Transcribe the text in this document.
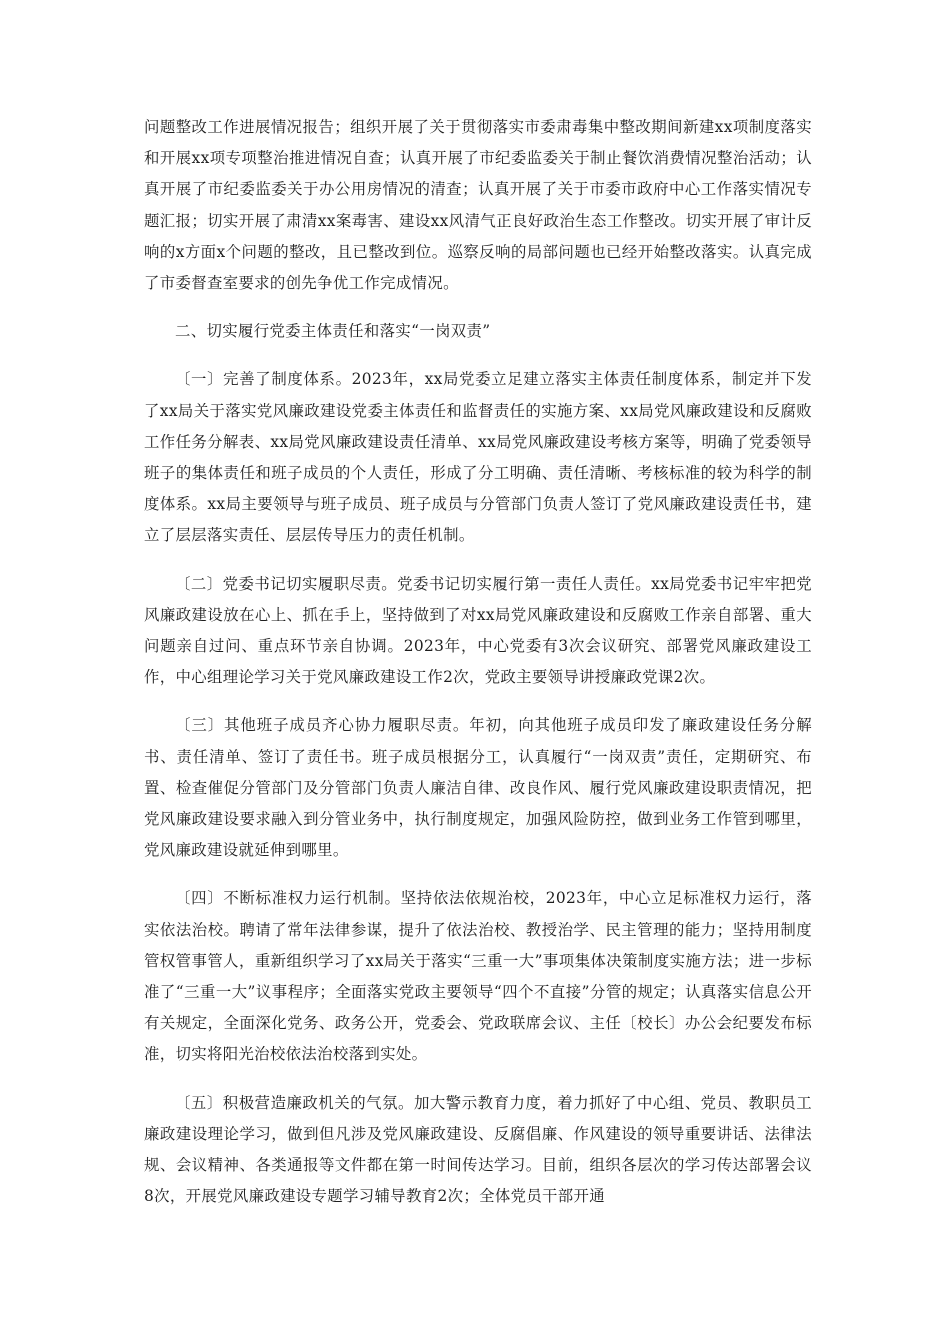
问题整改工作进展情况报告；组织开展了关于贯彻落实市委肃毒集中整改期间新建xx项制度落实和开展xx项专项整治推进情况自查；认真开展了市纪委监委关于制止餐饮消费情况整治活动；认真开展了市纪委监委关于办公用房情况的清查；认真开展了关于市委市政府中心工作落实情况专题汇报；切实开展了肃清xx案毒害、建设xx风清气正良好政治生态工作整改。切实开展了审计反响的x方面x个问题的整改，且已整改到位。巡察反响的局部问题也已经开始整改落实。认真完成了市委督查室要求的创先争优工作完成情况。

二、切实履行党委主体责任和落实“一岗双责”

〔一〕完善了制度体系。2023年，xx局党委立足建立落实主体责任制度体系，制定并下发了xx局关于落实党风廉政建设党委主体责任和监督责任的实施方案、xx局党风廉政建设和反腐败工作任务分解表、xx局党风廉政建设责任清单、xx局党风廉政建设考核方案等，明确了党委领导班子的集体责任和班子成员的个人责任，形成了分工明确、责任清晰、考核标准的较为科学的制度体系。xx局主要领导与班子成员、班子成员与分管部门负责人签订了党风廉政建设责任书，建立了层层落实责任、层层传导压力的责任机制。

〔二〕党委书记切实履职尽责。党委书记切实履行第一责任人责任。xx局党委书记牢牢把党风廉政建设放在心上、抓在手上，坚持做到了对xx局党风廉政建设和反腐败工作亲自部署、重大问题亲自过问、重点环节亲自协调。2023年，中心党委有3次会议研究、部署党风廉政建设工作，中心组理论学习关于党风廉政建设工作2次，党政主要领导讲授廉政党课2次。

〔三〕其他班子成员齐心协力履职尽责。年初，向其他班子成员印发了廉政建设任务分解书、责任清单、签订了责任书。班子成员根据分工，认真履行“一岗双责”责任，定期研究、布置、检查催促分管部门及分管部门负责人廉洁自律、改良作风、履行党风廉政建设职责情况，把党风廉政建设要求融入到分管业务中，执行制度规定，加强风险防控，做到业务工作管到哪里，党风廉政建设就延伸到哪里。

〔四〕不断标准权力运行机制。坚持依法依规治校，2023年，中心立足标准权力运行，落实依法治校。聘请了常年法律参谋，提升了依法治校、教授治学、民主管理的能力；坚持用制度管权管事管人，重新组织学习了xx局关于落实“三重一大”事项集体决策制度实施方法；进一步标准了“三重一大”议事程序；全面落实党政主要领导“四个不直接”分管的规定；认真落实信息公开有关规定，全面深化党务、政务公开，党委会、党政联席会议、主任〔校长〕办公会纪要发布标准，切实将阳光治校依法治校落到实处。

〔五〕积极营造廉政机关的气氛。加大警示教育力度，着力抓好了中心组、党员、教职员工廉政建设理论学习，做到但凡涉及党风廉政建设、反腐倡廉、作风建设的领导重要讲话、法律法规、会议精神、各类通报等文件都在第一时间传达学习。目前，组织各层次的学习传达部署会议8次，开展党风廉政建设专题学习辅导教育2次；全体党员干部开通
